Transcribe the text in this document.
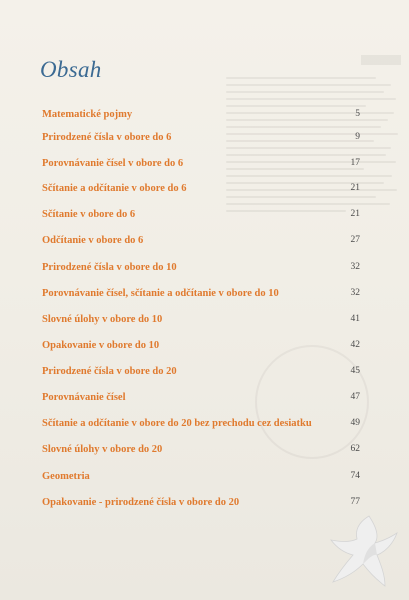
Obsah
Matematické pojmy	5
Prirodzené čísla v obore do 6	9
Porovnávanie čísel v obore do 6	17
Sčítanie a odčítanie v obore do 6	21
Sčítanie v obore do 6	21
Odčítanie v obore do 6	27
Prirodzené čísla v obore do 10	32
Porovnávanie čísel, sčítanie a odčítanie v obore do 10	32
Slovné úlohy v obore do 10	41
Opakovanie v obore do 10	42
Prirodzené čísla v obore do 20	45
Porovnávanie čísel	47
Sčítanie a odčítanie v obore do 20 bez prechodu cez desiatku	49
Slovné úlohy v obore do 20	62
Geometria	74
Opakovanie - prirodzené čísla v obore do 20	77
